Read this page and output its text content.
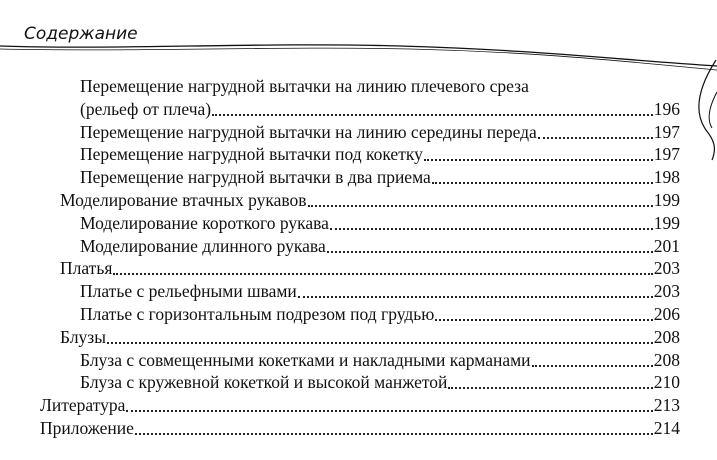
Содержание
Перемещение нагрудной вытачки на линию плечевого среза
(рельеф от плеча)	196
Перемещение нагрудной вытачки на линию середины переда	197
Перемещение нагрудной вытачки под кокетку	197
Перемещение нагрудной вытачки в два приема	198
Моделирование втачных рукавов	199
Моделирование короткого рукава	199
Моделирование длинного рукава	201
Платья	203
Платье с рельефными швами	203
Платье с горизонтальным подрезом под грудью	206
Блузы	208
Блуза с совмещенными кокетками и накладными карманами	208
Блуза с кружевной кокеткой и высокой манжетой	210
Литература	213
Приложение	214
